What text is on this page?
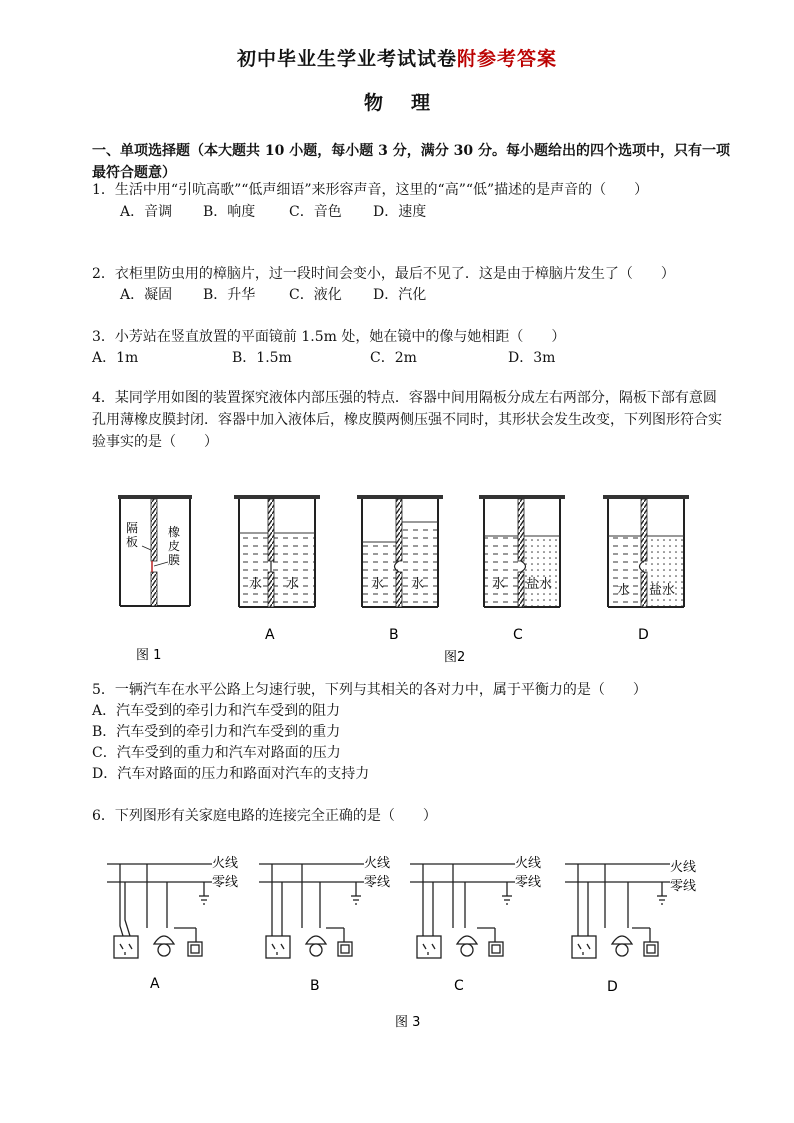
初中毕业生学业考试试卷附参考答案
物理
一、单项选择题（本大题共 10 小题，每小题 3 分，满分 30 分。每小题给出的四个选项中，只有一项最符合题意）
1．生活中用“引吭高歌”“低声细语”来形容声音，这里的“高”“低”描述的是声音的（　　）
A．音调 B．响度 C．音色 D．速度
2．衣柜里防虫用的樟脑片，过一段时间会变小，最后不见了．这是由于樟脑片发生了（　　）
A．凝固 B．升华 C．液化 D．汽化
3．小芳站在竖直放置的平面镜前 1.5m 处，她在镜中的像与她相距（　　）
A．1m	B．1.5m	C．2m	D．3m
4．某同学用如图的装置探究液体内部压强的特点．容器中间用隔板分成左右两部分，隔板下部有意圆孔用薄橡皮膜封闭．容器中加入液体后，橡皮膜两侧压强不同时，其形状会发生改变，下列图形符合实验事实的是（　　）
隔
板
橡
皮
膜
水 水	水 水	水 盐水	水 盐水
A	B	C	D
图 1	图2
5．一辆汽车在水平公路上匀速行驶，下列与其相关的各对力中，属于平衡力的是（　　）
A．汽车受到的牵引力和汽车受到的阻力
B．汽车受到的牵引力和汽车受到的重力
C．汽车受到的重力和汽车对路面的压力
D．汽车对路面的压力和路面对汽车的支持力
6．下列图形有关家庭电路的连接完全正确的是（　　）
火线
零线
火线
零线
火线
零线
火线
零线
A	B	C	D
图 3
